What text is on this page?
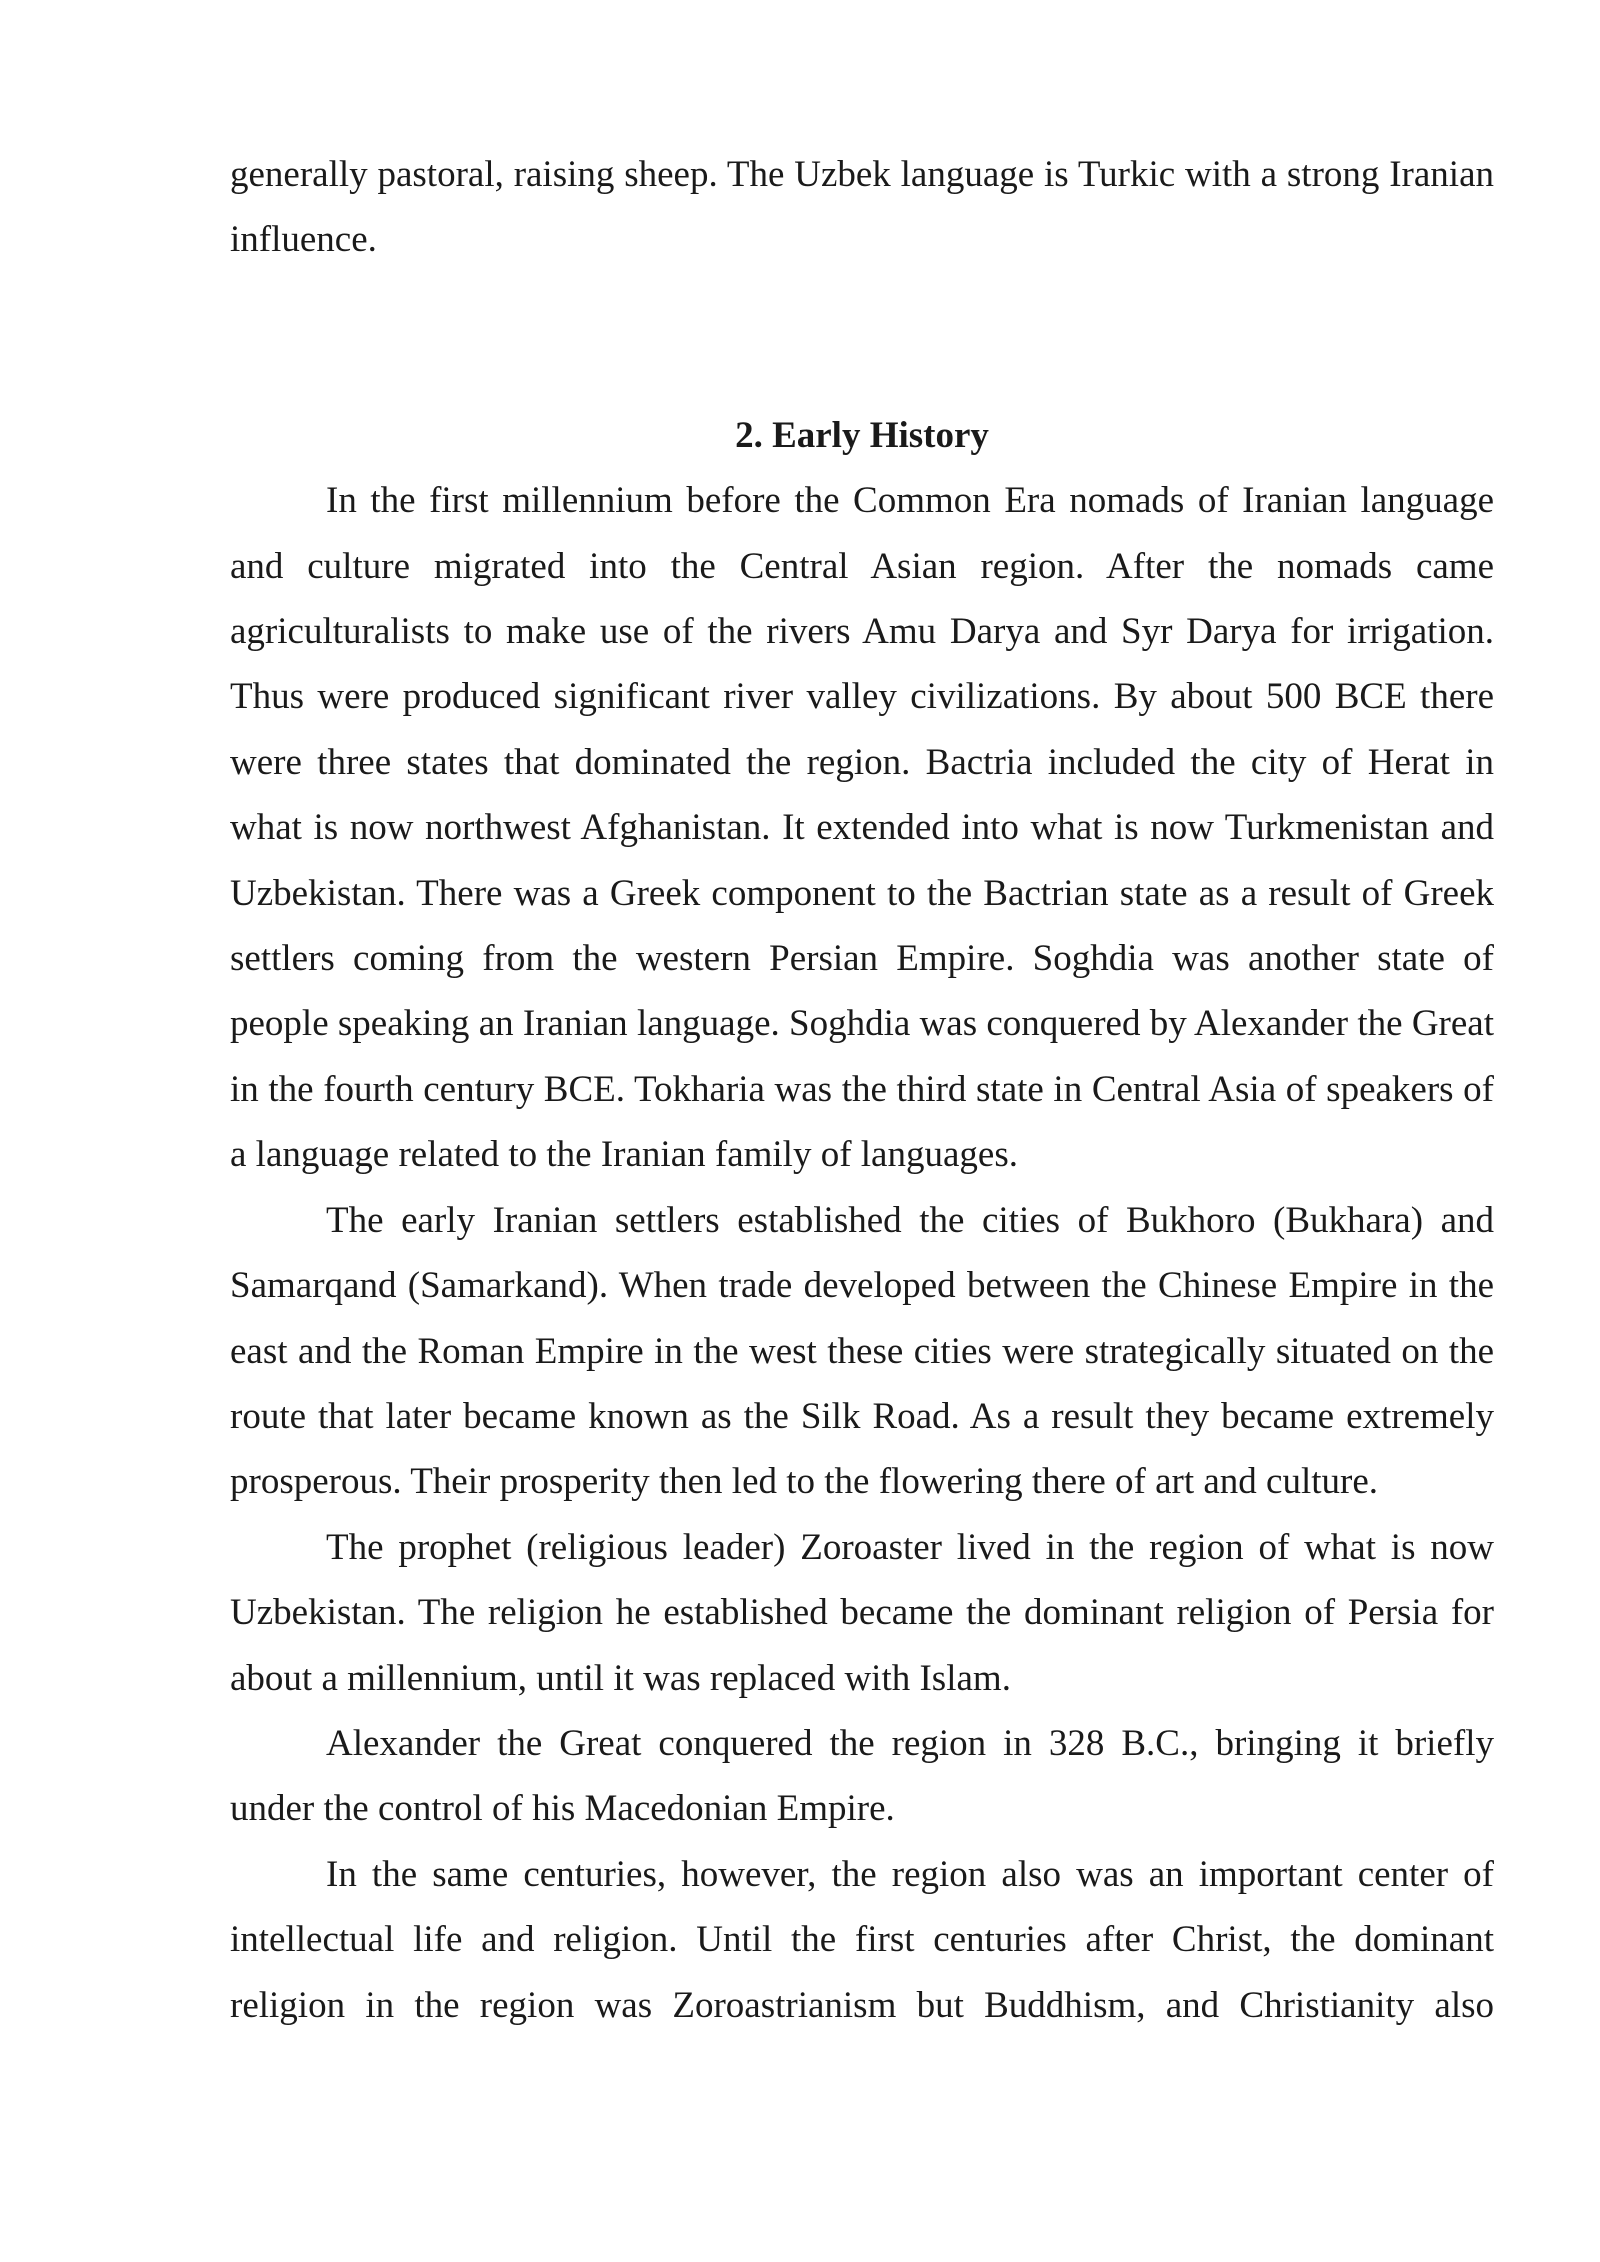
generally pastoral, raising sheep. The Uzbek language is Turkic with a strong Iranian influence.

2. Early History

In the first millennium before the Common Era nomads of Iranian language and culture migrated into the Central Asian region. After the nomads came agriculturalists to make use of the rivers Amu Darya and Syr Darya for irrigation. Thus were produced significant river valley civilizations. By about 500 BCE there were three states that dominated the region. Bactria included the city of Herat in what is now northwest Afghanistan. It extended into what is now Turkmenistan and Uzbekistan. There was a Greek component to the Bactrian state as a result of Greek settlers coming from the western Persian Empire. Soghdia was another state of people speaking an Iranian language. Soghdia was conquered by Alexander the Great in the fourth century BCE. Tokharia was the third state in Central Asia of speakers of a language related to the Iranian family of languages.

The early Iranian settlers established the cities of Bukhoro (Bukhara) and Samarqand (Samarkand). When trade developed between the Chinese Empire in the east and the Roman Empire in the west these cities were strategically situated on the route that later became known as the Silk Road. As a result they became extremely prosperous. Their prosperity then led to the flowering there of art and culture.

The prophet (religious leader) Zoroaster lived in the region of what is now Uzbekistan. The religion he established became the dominant religion of Persia for about a millennium, until it was replaced with Islam.

Alexander the Great conquered the region in 328 B.C., bringing it briefly under the control of his Macedonian Empire.

In the same centuries, however, the region also was an important center of intellectual life and religion. Until the first centuries after Christ, the dominant religion in the region was Zoroastrianism but Buddhism, and Christianity also
